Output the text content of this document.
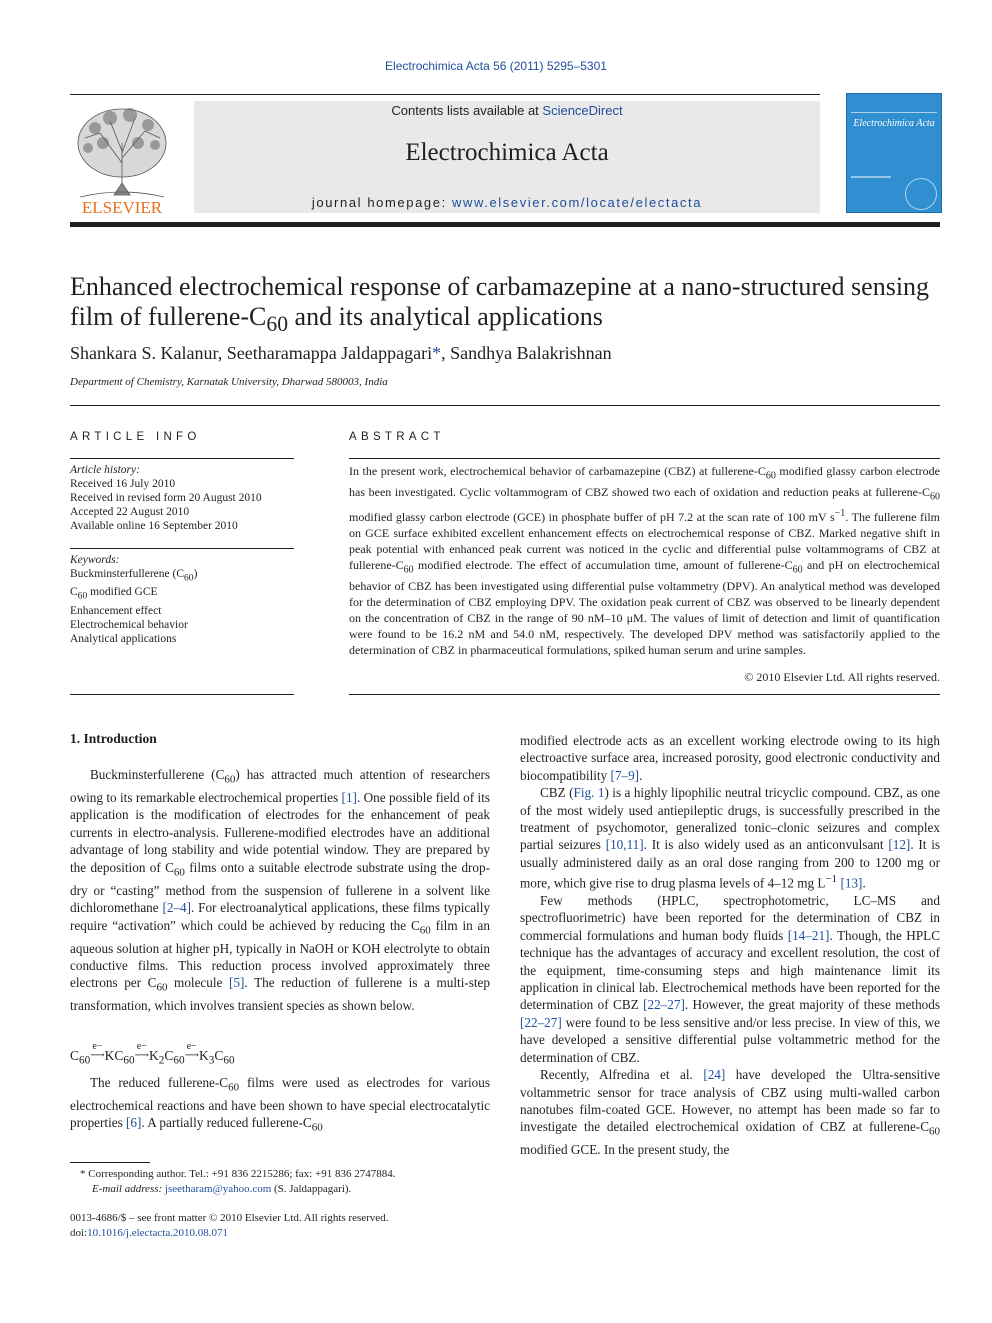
Electrochimica Acta 56 (2011) 5295–5301
ELSEVIER
Contents lists available at ScienceDirect
Electrochimica Acta
journal homepage: www.elsevier.com/locate/electacta
Electrochimica Acta
Enhanced electrochemical response of carbamazepine at a nano-structured sensing film of fullerene-$C_{60}$ and its analytical applications
Shankara S. Kalanur, Seetharamappa Jaldappagari*, Sandhya Balakrishnan
Department of Chemistry, Karnatak University, Dharwad 580003, India
ARTICLE INFO	ABSTRACT
Article history:
Received 16 July 2010
Received in revised form 20 August 2010
Accepted 22 August 2010
Available online 16 September 2010
Keywords:
Buckminsterfullerene $(C_{60})$
$C_{60}$ modified GCE
Enhancement effect
Electrochemical behavior
Analytical applications
In the present work, electrochemical behavior of carbamazepine (CBZ) at fullerene-$C_{60}$ modified glassy carbon electrode has been investigated. Cyclic voltammogram of CBZ showed two each of oxidation and reduction peaks at fullerene-$C_{60}$ modified glassy carbon electrode (GCE) in phosphate buffer of pH 7.2 at the scan rate of 100 mV $s^{-1}$. The fullerene film on GCE surface exhibited excellent enhancement effects on electrochemical response of CBZ. Marked negative shift in peak potential with enhanced peak current was noticed in the cyclic and differential pulse voltammograms of CBZ at fullerene-$C_{60}$ modified electrode. The effect of accumulation time, amount of fullerene-$C_{60}$ and pH on electrochemical behavior of CBZ has been investigated using differential pulse voltammetry (DPV). An analytical method was developed for the determination of CBZ employing DPV. The oxidation peak current of CBZ was observed to be linearly dependent on the concentration of CBZ in the range of 90 nM–10 μM. The values of limit of detection and limit of quantification were found to be 16.2 nM and 54.0 nM, respectively. The developed DPV method was satisfactorily applied to the determination of CBZ in pharmaceutical formulations, spiked human serum and urine samples.
© 2010 Elsevier Ltd. All rights reserved.
1. Introduction

Buckminsterfullerene $(C_{60})$ has attracted much attention of researchers owing to its remarkable electrochemical properties [1]. One possible field of its application is the modification of electrodes for the enhancement of peak currents in electro-analysis. Fullerene-modified electrodes have an additional advantage of long stability and wide potential window. They are prepared by the deposition of $C_{60}$ films onto a suitable electrode substrate using the drop-dry or “casting” method from the suspension of fullerene in a solvent like dichloromethane [2–4]. For electroanalytical applications, these films typically require “activation” which could be achieved by reducing the $C_{60}$ film in an aqueous solution at higher pH, typically in NaOH or KOH electrolyte to obtain conductive films. This reduction process involved approximately three electrons per $C_{60}$ molecule [5]. The reduction of fullerene is a multi-step transformation, which involves transient species as shown below.

$C_{60}e-$
$⟶KC_{60}e-$
$⟶K_2C_{60}e-$
$⟶K_3C_{60}$

The reduced fullerene-$C_{60}$ films were used as electrodes for various electrochemical reactions and have been shown to have special electrocatalytic properties [6]. A partially reduced fullerene-$C_{60}$

modified electrode acts as an excellent working electrode owing to its high electroactive surface area, increased porosity, good electronic conductivity and biocompatibility [7–9].

CBZ (Fig. 1) is a highly lipophilic neutral tricyclic compound. CBZ, as one of the most widely used antiepileptic drugs, is successfully prescribed in the treatment of psychomotor, generalized tonic–clonic seizures and complex partial seizures [10,11]. It is also widely used as an anticonvulsant [12]. It is usually administered daily as an oral dose ranging from 200 to 1200 mg or more, which give rise to drug plasma levels of 4–12 mg $L^{-1}$ [13].

Few methods (HPLC, spectrophotometric, LC–MS and spectrofluorimetric) have been reported for the determination of CBZ in commercial formulations and human body fluids [14–21]. Though, the HPLC technique has the advantages of accuracy and excellent resolution, the cost of the equipment, time-consuming steps and high maintenance limit its application in clinical lab. Electrochemical methods have been reported for the determination of CBZ [22–27]. However, the great majority of these methods [22–27] were found to be less sensitive and/or less precise. In view of this, we have developed a sensitive differential pulse voltammetric method for the determination of CBZ.

Recently, Alfredina et al. [24] have developed the Ultra-sensitive voltammetric sensor for trace analysis of CBZ using multi-walled carbon nanotubes film-coated GCE. However, no attempt has been made so far to investigate the detailed electrochemical oxidation of CBZ at fullerene-$C_{60}$ modified GCE. In the present study, the

* Corresponding author. Tel.: +91 836 2215286; fax: +91 836 2747884.
E-mail address: jseetharam@yahoo.com (S. Jaldappagari).
0013-4686/$ – see front matter © 2010 Elsevier Ltd. All rights reserved.
doi:10.1016/j.electacta.2010.08.071
